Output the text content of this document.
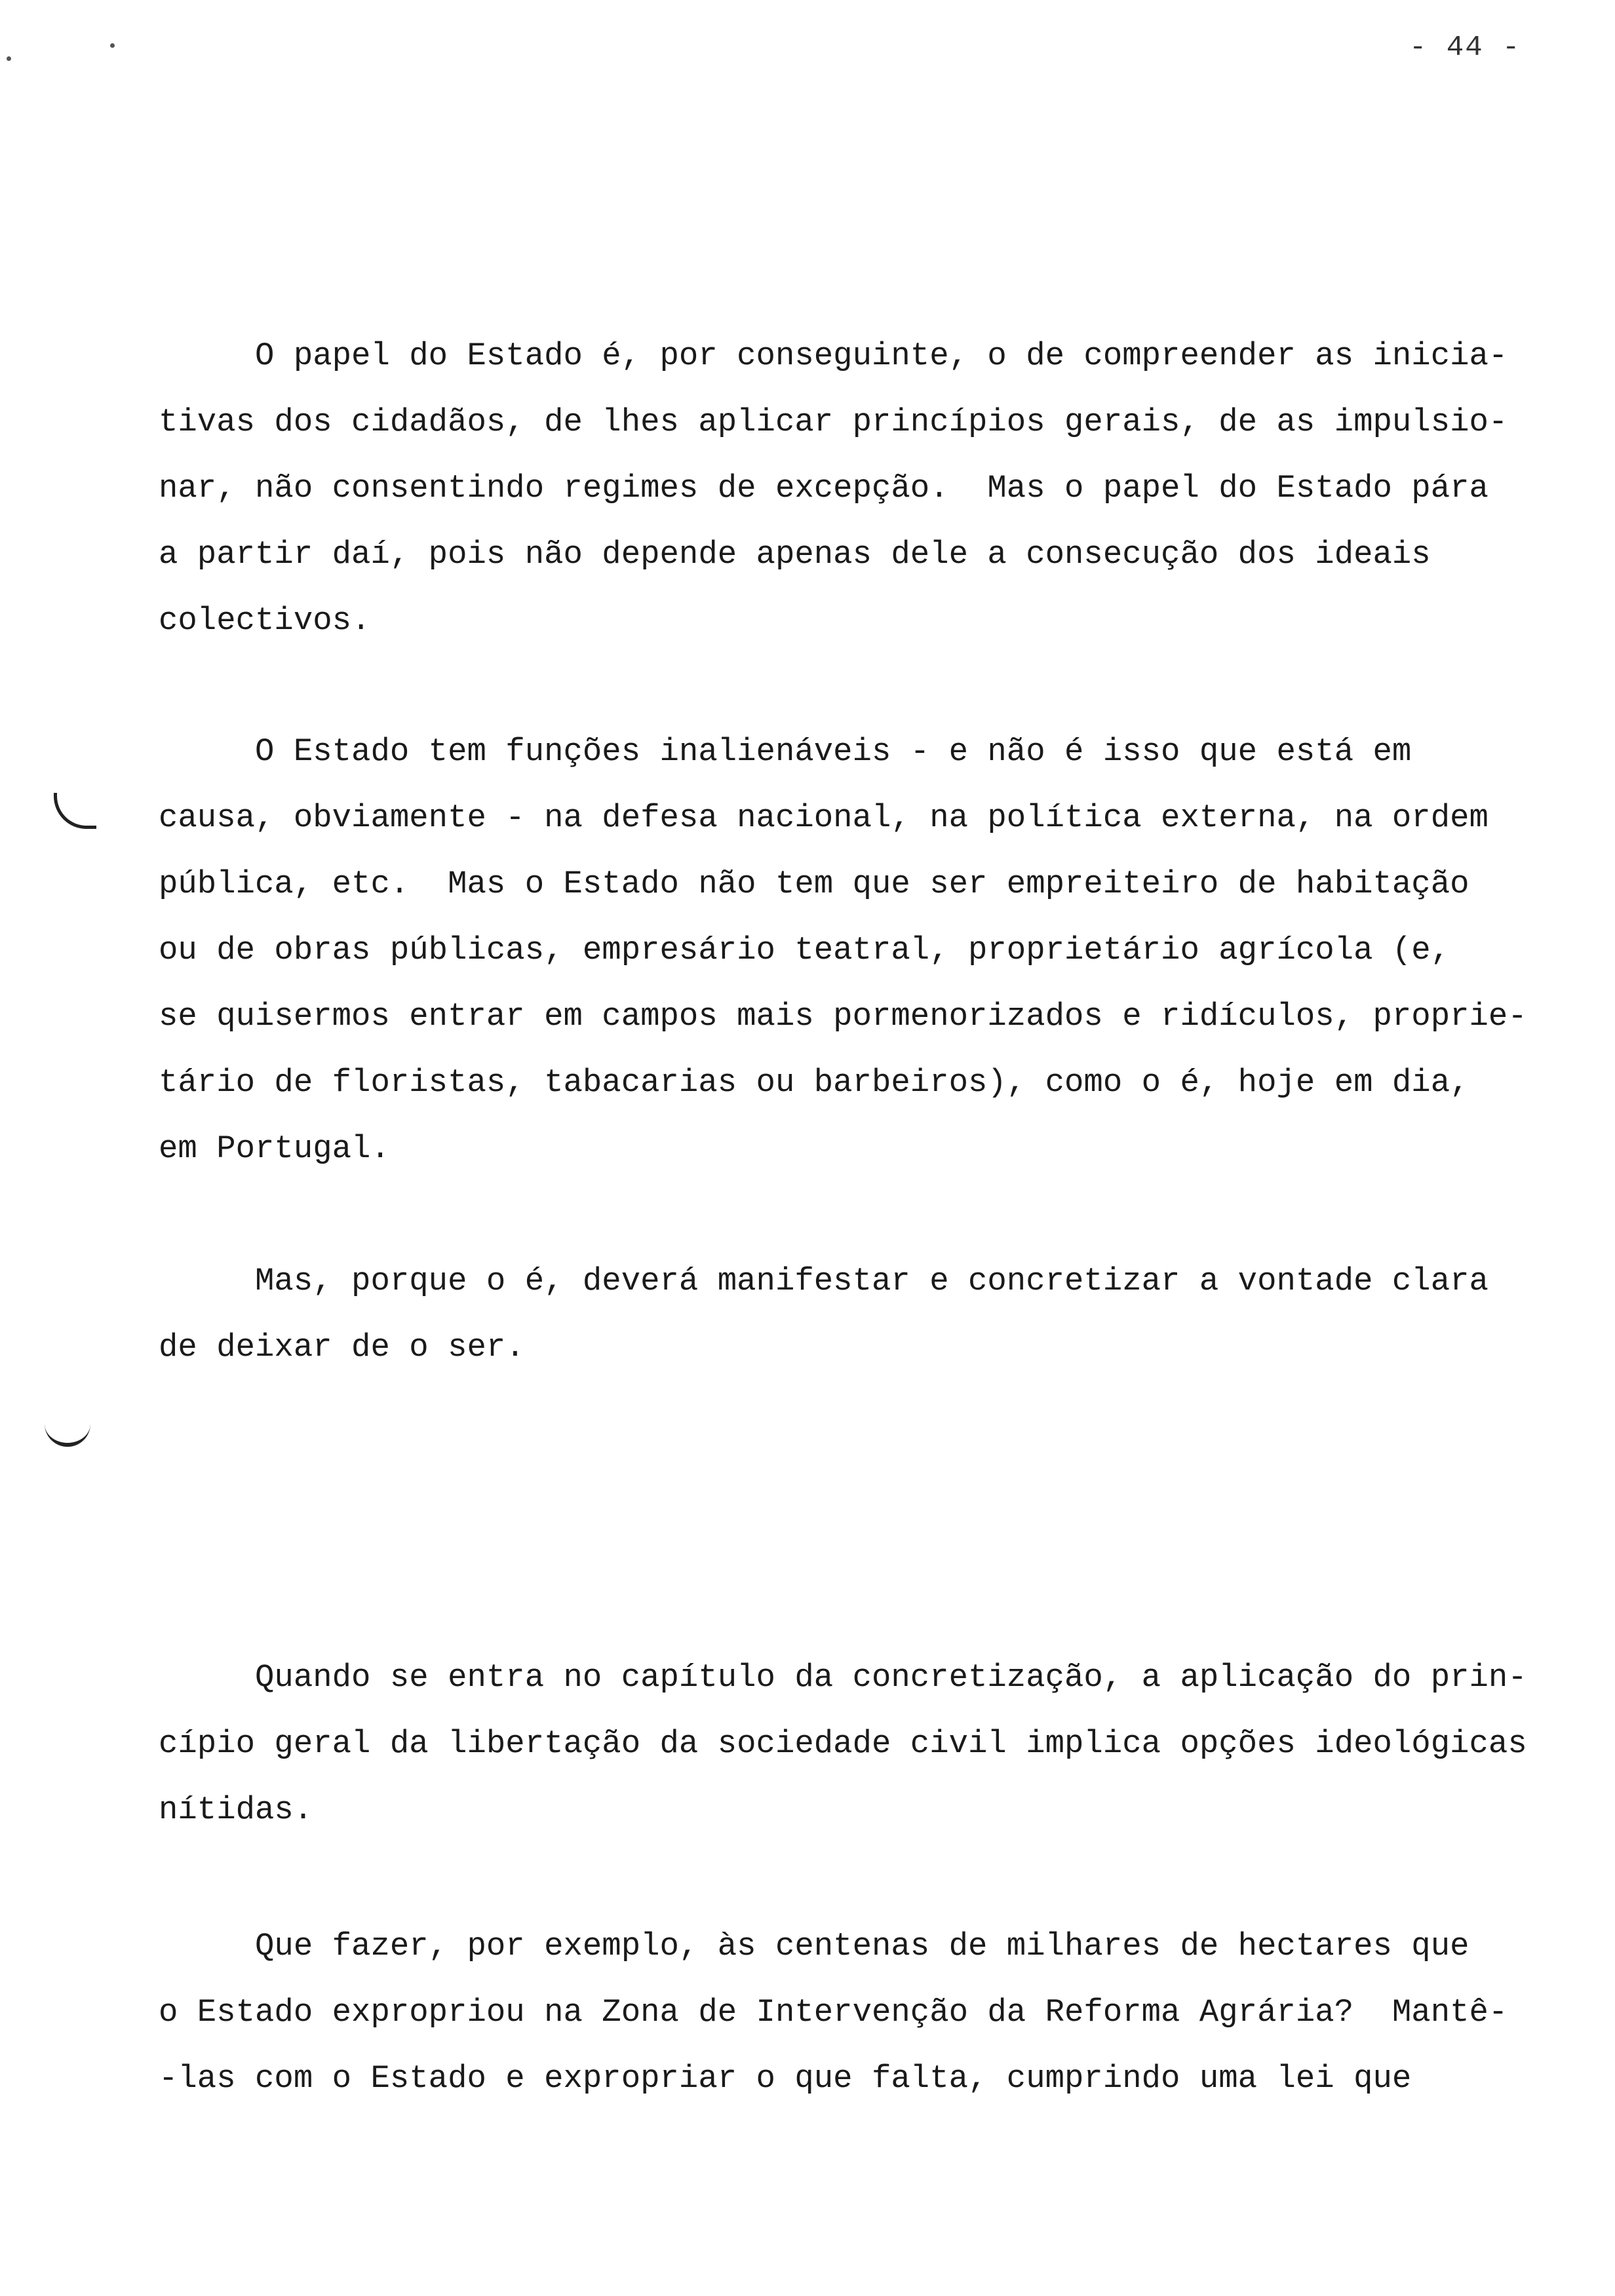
- 44 -

O papel do Estado é, por conseguinte, o de compreender as inicia-
tivas dos cidadãos, de lhes aplicar princípios gerais, de as impulsio-
nar, não consentindo regimes de excepção.  Mas o papel do Estado pára
a partir daí, pois não depende apenas dele a consecução dos ideais
colectivos.

O Estado tem funções inalienáveis - e não é isso que está em
causa, obviamente - na defesa nacional, na política externa, na ordem
pública, etc.  Mas o Estado não tem que ser empreiteiro de habitação
ou de obras públicas, empresário teatral, proprietário agrícola (e,
se quisermos entrar em campos mais pormenorizados e ridículos, proprie-
tário de floristas, tabacarias ou barbeiros), como o é, hoje em dia,
em Portugal.

Mas, porque o é, deverá manifestar e concretizar a vontade clara
de deixar de o ser.

Quando se entra no capítulo da concretização, a aplicação do prin-
cípio geral da libertação da sociedade civil implica opções ideológicas
nítidas.

Que fazer, por exemplo, às centenas de milhares de hectares que
o Estado expropriou na Zona de Intervenção da Reforma Agrária?  Mantê-
-las com o Estado e expropriar o que falta, cumprindo uma lei que
